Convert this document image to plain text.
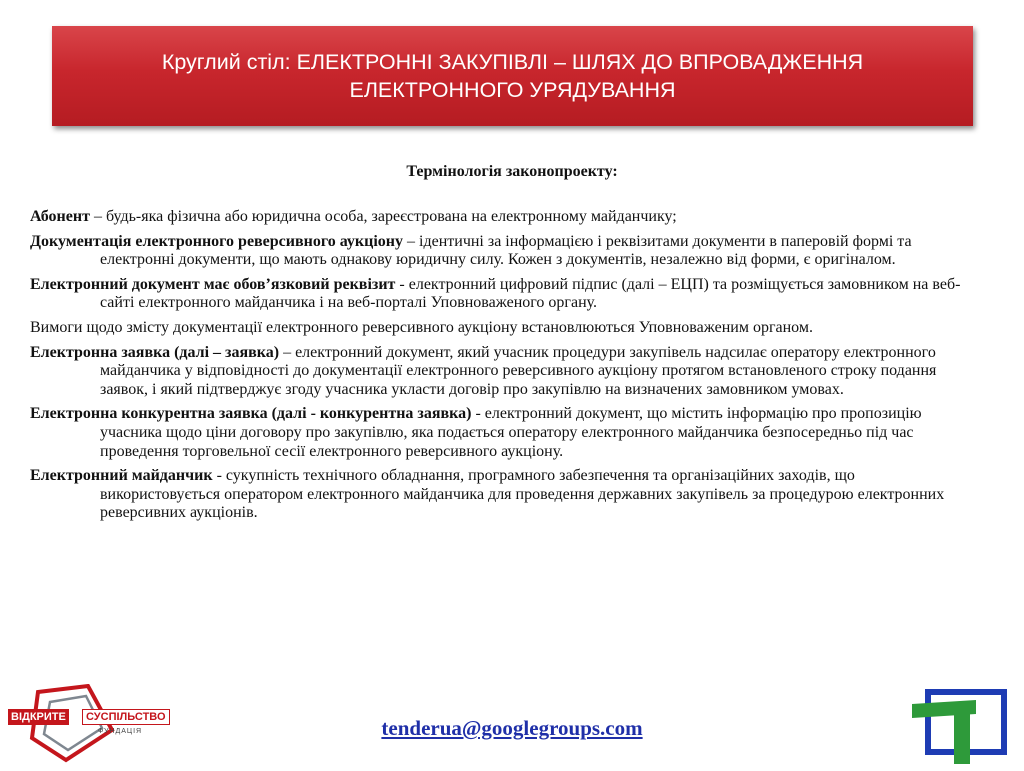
Круглий стіл: ЕЛЕКТРОННІ ЗАКУПІВЛІ – ШЛЯХ ДО ВПРОВАДЖЕННЯ
ЕЛЕКТРОННОГО УРЯДУВАННЯ
Термінологія законопроекту:

Абонент – будь-яка фізична або юридична особа, зареєстрована на електронному майданчику;

Документація електронного реверсивного аукціону – ідентичні за інформацією і реквізитами документи в паперовій формі та електронні документи, що мають однакову юридичну силу. Кожен з документів, незалежно від форми, є оригіналом.

Електронний документ має обов’язковий реквізит - електронний цифровий підпис (далі – ЕЦП) та розміщується замовником на веб-сайті електронного майданчика і на веб-порталі Уповноваженого органу.

Вимоги щодо змісту документації електронного реверсивного аукціону встановлюються Уповноваженим органом.

Електронна заявка (далі – заявка) – електронний документ, який учасник процедури закупівель надсилає оператору електронного майданчика у відповідності до документації електронного реверсивного аукціону протягом встановленого строку подання заявок, і який підтверджує згоду учасника укласти договір про закупівлю на визначених замовником умовах.

Електронна конкурентна заявка (далі - конкурентна заявка) - електронний документ, що містить інформацію про пропозицію учасника щодо ціни договору про закупівлю, яка подається оператору електронного майданчика безпосередньо під час проведення торговельної сесії електронного реверсивного аукціону.

Електронний майданчик - сукупність технічного обладнання, програмного забезпечення та організаційних заходів, що використовується оператором електронного майданчика для проведення державних закупівель за процедурою електронних реверсивних аукціонів.

ВІДКРИТЕ	СУСПІЛЬСТВО
ФУНДАЦІЯ	tenderua@googlegroups.com
